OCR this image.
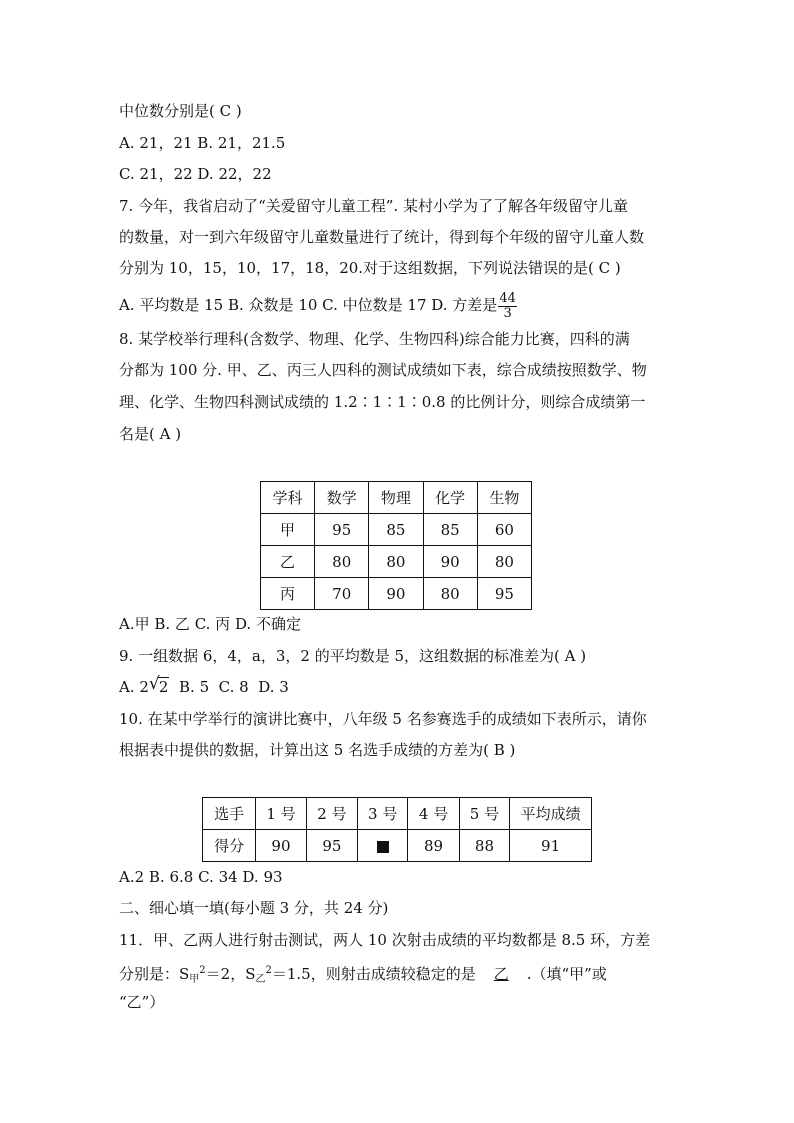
中位数分别是( C )
A. 21，21 B. 21，21.5
C. 21，22 D. 22，22
7. 今年，我省启动了“关爱留守儿童工程”. 某村小学为了了解各年级留守儿童
的数量，对一到六年级留守儿童数量进行了统计，得到每个年级的留守儿童人数
分别为 10，15，10，17，18，20.对于这组数据，下列说法错误的是( C )
A. 平均数是 15 B. 众数是 10 C. 中位数是 17 D. 方差是 $\frac{44}{3}$
8. 某学校举行理科(含数学、物理、化学、生物四科)综合能力比赛，四科的满
分都为 100 分. 甲、乙、丙三人四科的测试成绩如下表，综合成绩按照数学、物
理、化学、生物四科测试成绩的 1.2∶1∶1∶0.8 的比例计分，则综合成绩第一
名是( A )
学科	数学	物理	化学	生物
甲	95	85	85	60
乙	80	80	90	80
丙	70	90	80	95
A.甲 B. 乙 C. 丙 D. 不确定
9. 一组数据 6，4，a，3，2 的平均数是 5，这组数据的标准差为( A )
A. 2 √ 2  B. 5  C. 8  D. 3
10. 在某中学举行的演讲比赛中，八年级 5 名参赛选手的成绩如下表所示，请你
根据表中提供的数据，计算出这 5 名选手成绩的方差为( B )
选手	1 号	2 号	3 号	4 号	5 号	平均成绩
得分	90	95		89	88	91
A.2 B. 6.8 C. 34 D. 93
二、细心填一填(每小题 3 分，共 24 分)
11．甲、乙两人进行射击测试，两人 10 次射击成绩的平均数都是 8.5 环，方差
分别是：$S_甲^2=2$，$S_乙^2=1.5$，则射击成绩较稳定的是 乙 .（填“甲”或
“乙”）
